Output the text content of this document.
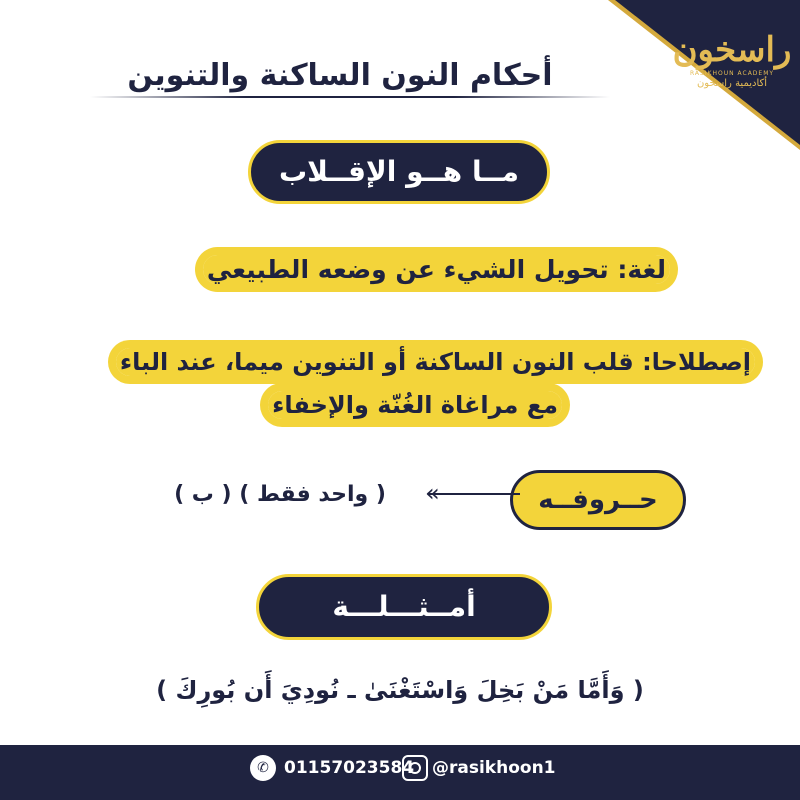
راسخون
RASIKHOUN ACADEMY
أكاديمية راسخون
أحكام النون الساكنة والتنوين
مــا هــو الإقــلاب
لغة: تحويل الشيء عن وضعه الطبيعي
إصطلاحا: قلب النون الساكنة أو التنوين ميما، عند الباء
مع مراغاة الغُنّة والإخفاء
حــروفــه
«
( واحد فقط ) ( ب )
أمــثـــلـــة
( وَأَمَّا مَنْ بَخِلَ وَاسْتَغْنَىٰ ـ نُودِيَ أَن بُورِكَ )
✆ 01157023584 @rasikhoon1
